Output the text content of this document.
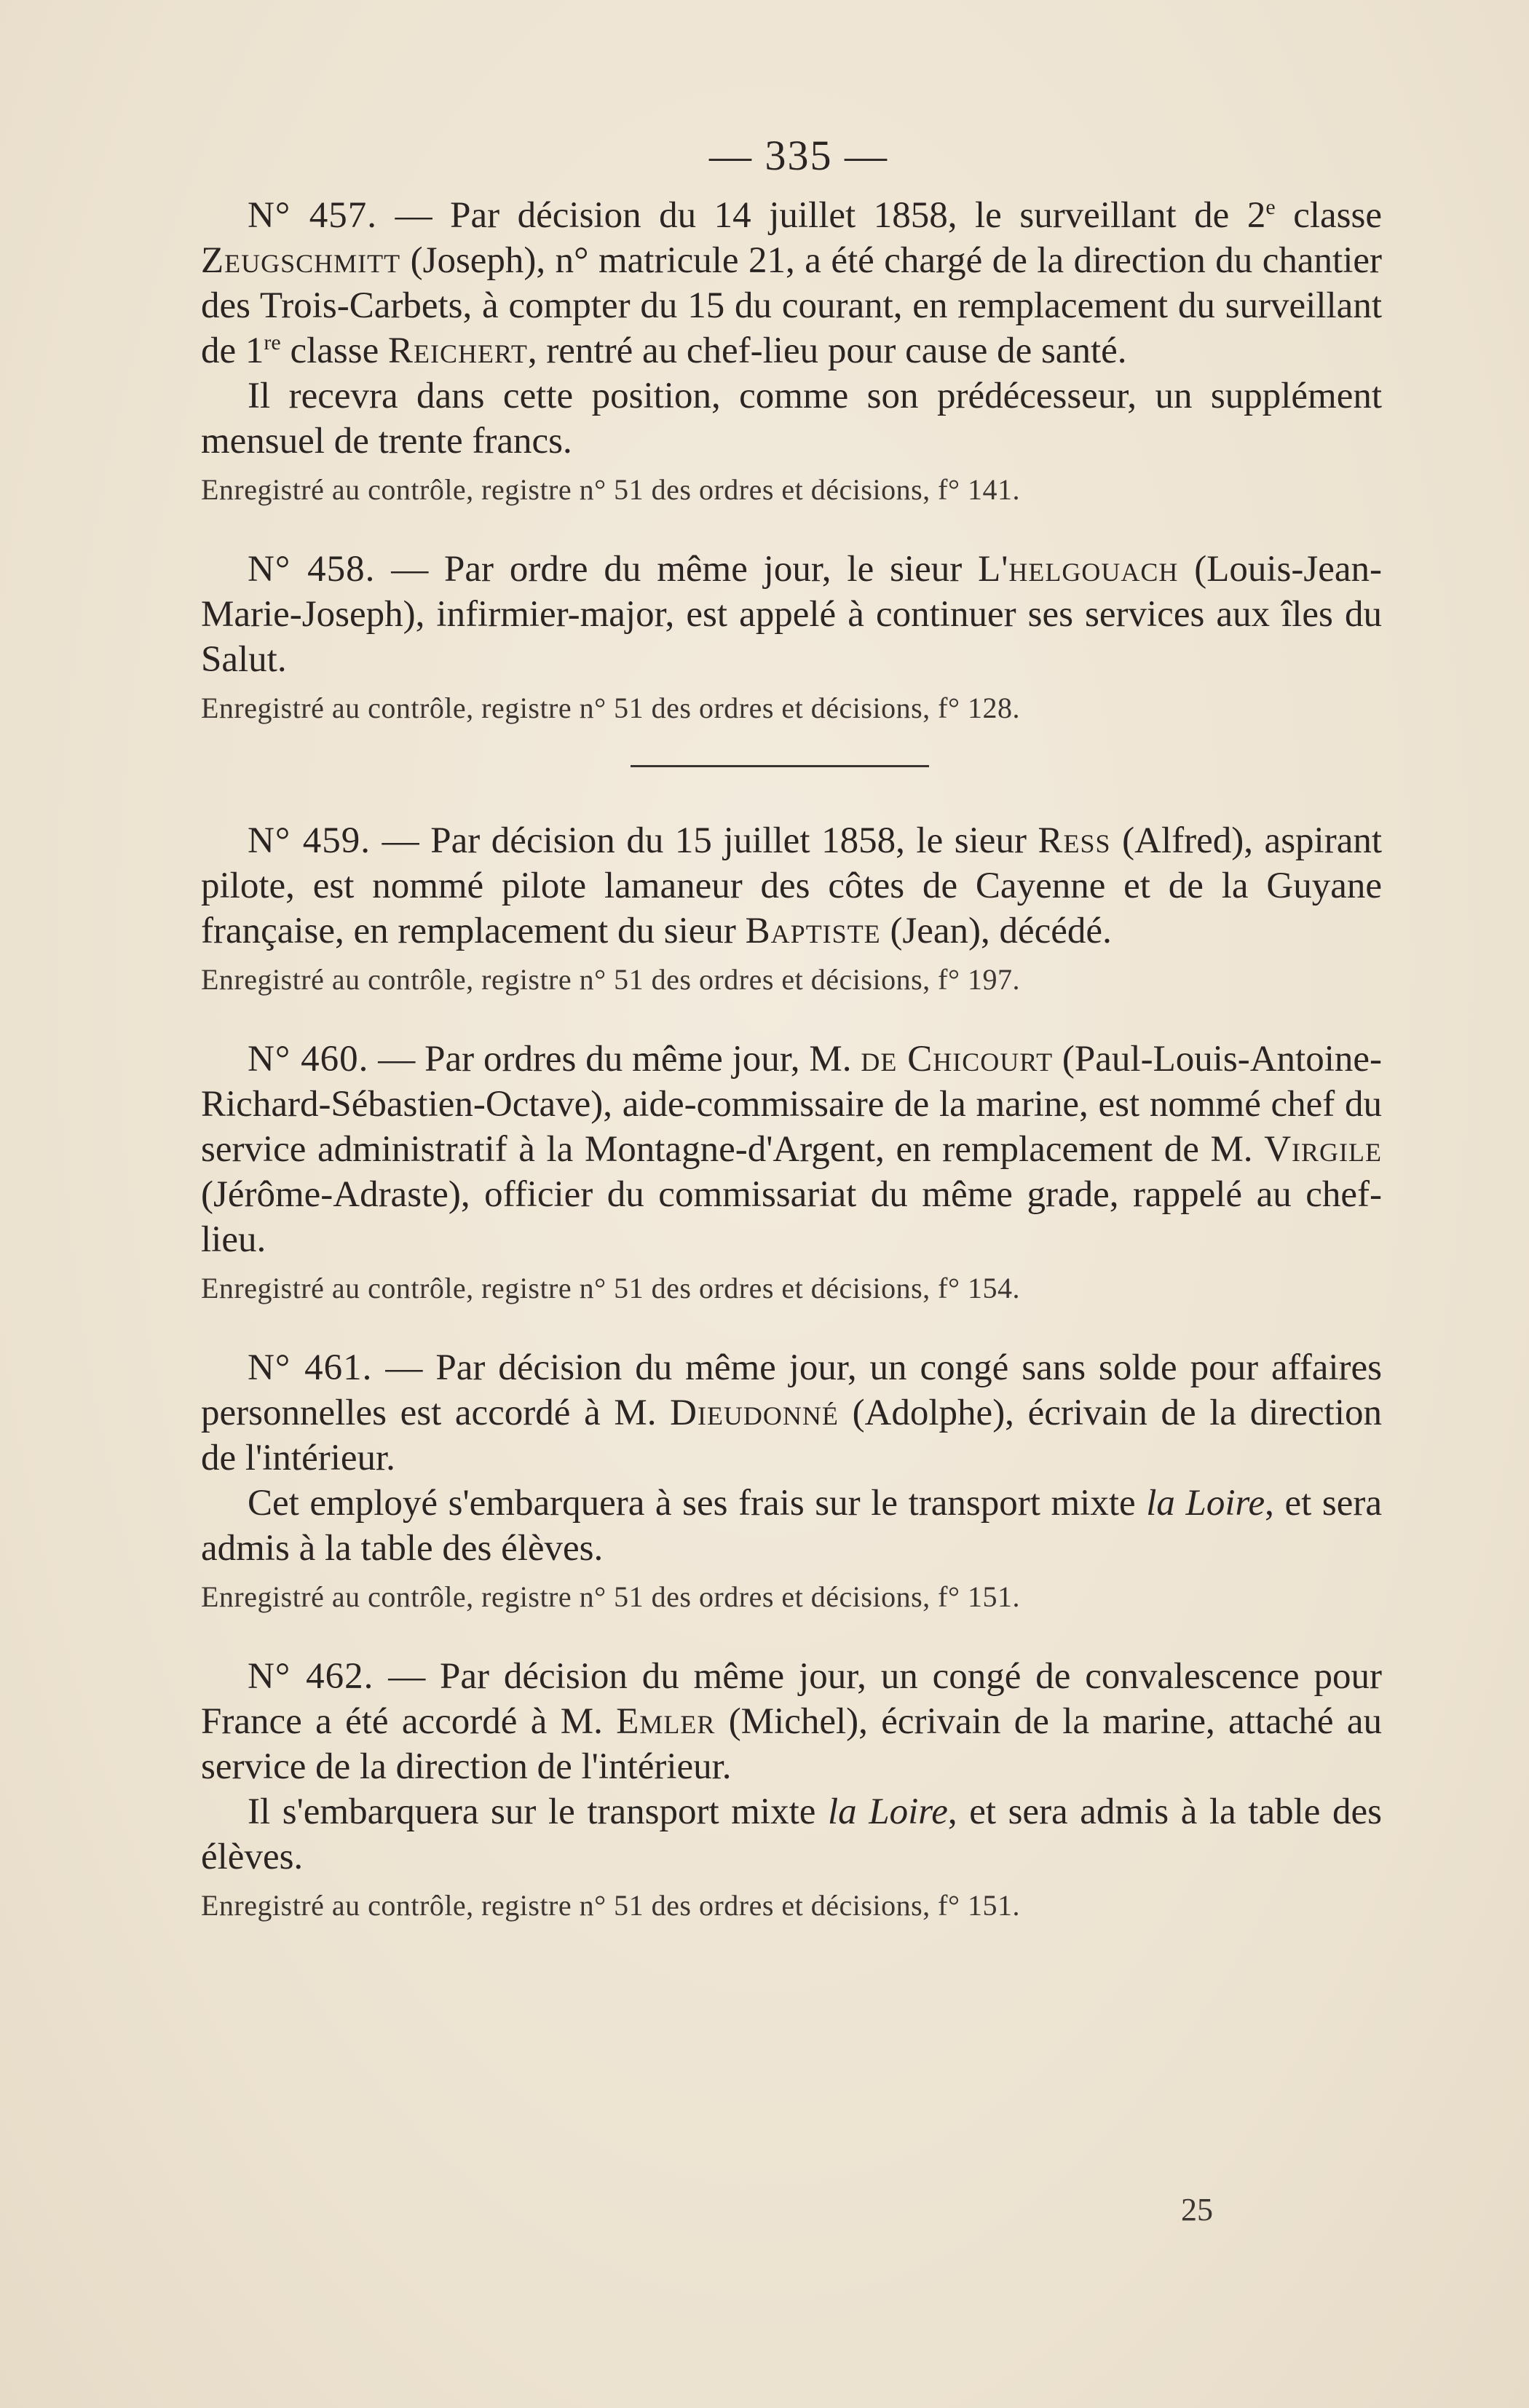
— 335 —

N° 457. — Par décision du 14 juillet 1858, le surveillant de 2e classe Zeugschmitt (Joseph), n° matricule 21, a été chargé de la direction du chantier des Trois-Carbets, à compter du 15 du courant, en remplacement du surveillant de 1re classe Reichert, rentré au chef-lieu pour cause de santé.

Il recevra dans cette position, comme son prédécesseur, un supplément mensuel de trente francs.

Enregistré au contrôle, registre n° 51 des ordres et décisions, f° 141.

N° 458. — Par ordre du même jour, le sieur L'helgouach (Louis-Jean-Marie-Joseph), infirmier-major, est appelé à continuer ses services aux îles du Salut.

Enregistré au contrôle, registre n° 51 des ordres et décisions, f° 128.

N° 459. — Par décision du 15 juillet 1858, le sieur Ress (Alfred), aspirant pilote, est nommé pilote lamaneur des côtes de Cayenne et de la Guyane française, en remplacement du sieur Baptiste (Jean), décédé.

Enregistré au contrôle, registre n° 51 des ordres et décisions, f° 197.

N° 460. — Par ordres du même jour, M. de Chicourt (Paul-Louis-Antoine-Richard-Sébastien-Octave), aide-commissaire de la marine, est nommé chef du service administratif à la Montagne-d'Argent, en remplacement de M. Virgile (Jérôme-Adraste), officier du commissariat du même grade, rappelé au chef-lieu.

Enregistré au contrôle, registre n° 51 des ordres et décisions, f° 154.

N° 461. — Par décision du même jour, un congé sans solde pour affaires personnelles est accordé à M. Dieudonné (Adolphe), écrivain de la direction de l'intérieur.

Cet employé s'embarquera à ses frais sur le transport mixte la Loire, et sera admis à la table des élèves.

Enregistré au contrôle, registre n° 51 des ordres et décisions, f° 151.

N° 462. — Par décision du même jour, un congé de convalescence pour France a été accordé à M. Emler (Michel), écrivain de la marine, attaché au service de la direction de l'intérieur.

Il s'embarquera sur le transport mixte la Loire, et sera admis à la table des élèves.

Enregistré au contrôle, registre n° 51 des ordres et décisions, f° 151.

25
